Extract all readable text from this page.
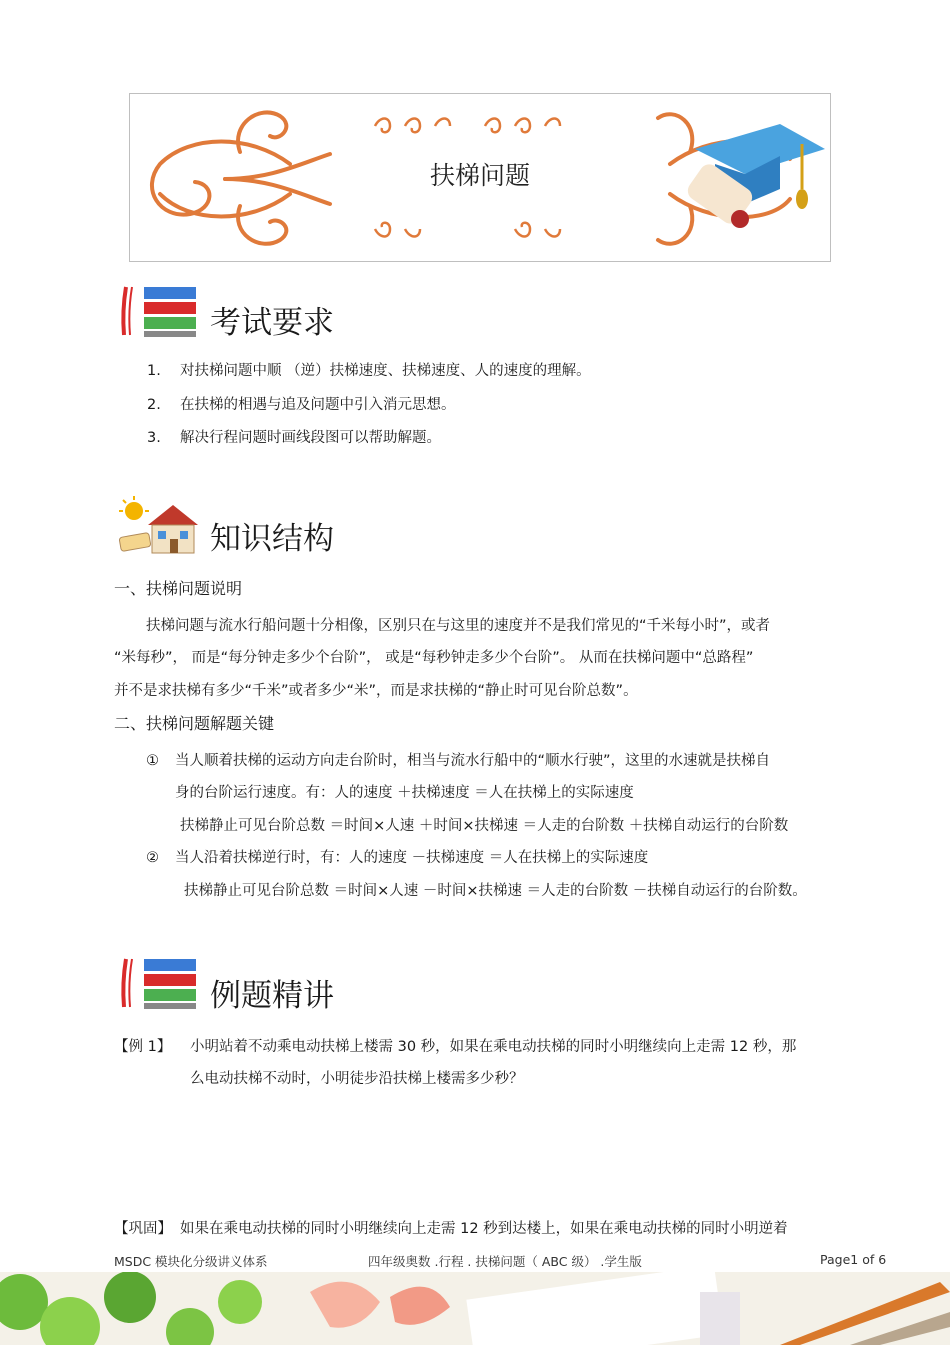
扶梯问题
考试要求
1. 对扶梯问题中顺 （逆）扶梯速度、扶梯速度、人的速度的理解。
2. 在扶梯的相遇与追及问题中引入消元思想。
3. 解决行程问题时画线段图可以帮助解题。
知识结构
一、扶梯问题说明
扶梯问题与流水行船问题十分相像，区别只在与这里的速度并不是我们常见的“千米每小时”，或者
“米每秒”， 而是“每分钟走多少个台阶”， 或是“每秒钟走多少个台阶”。 从而在扶梯问题中“总路程”
并不是求扶梯有多少“千米”或者多少“米”，而是求扶梯的“静止时可见台阶总数”。
二、扶梯问题解题关键
① 当人顺着扶梯的运动方向走台阶时，相当与流水行船中的“顺水行驶”，这里的水速就是扶梯自
身的台阶运行速度。有：人的速度 ＋扶梯速度 ＝人在扶梯上的实际速度
扶梯静止可见台阶总数 ＝时间×人速 ＋时间×扶梯速 ＝人走的台阶数 ＋扶梯自动运行的台阶数
② 当人沿着扶梯逆行时，有：人的速度 －扶梯速度 ＝人在扶梯上的实际速度
扶梯静止可见台阶总数 ＝时间×人速 －时间×扶梯速 ＝人走的台阶数 －扶梯自动运行的台阶数。
例题精讲
【例 1】 小明站着不动乘电动扶梯上楼需 30 秒，如果在乘电动扶梯的同时小明继续向上走需 12 秒，那
么电动扶梯不动时，小明徒步沿扶梯上楼需多少秒？
【巩固】 如果在乘电动扶梯的同时小明继续向上走需 12 秒到达楼上，如果在乘电动扶梯的同时小明逆着
MSDC 模块化分级讲义体系	四年级奥数 .行程 . 扶梯问题（ ABC 级） .学生版	Page1 of 6
